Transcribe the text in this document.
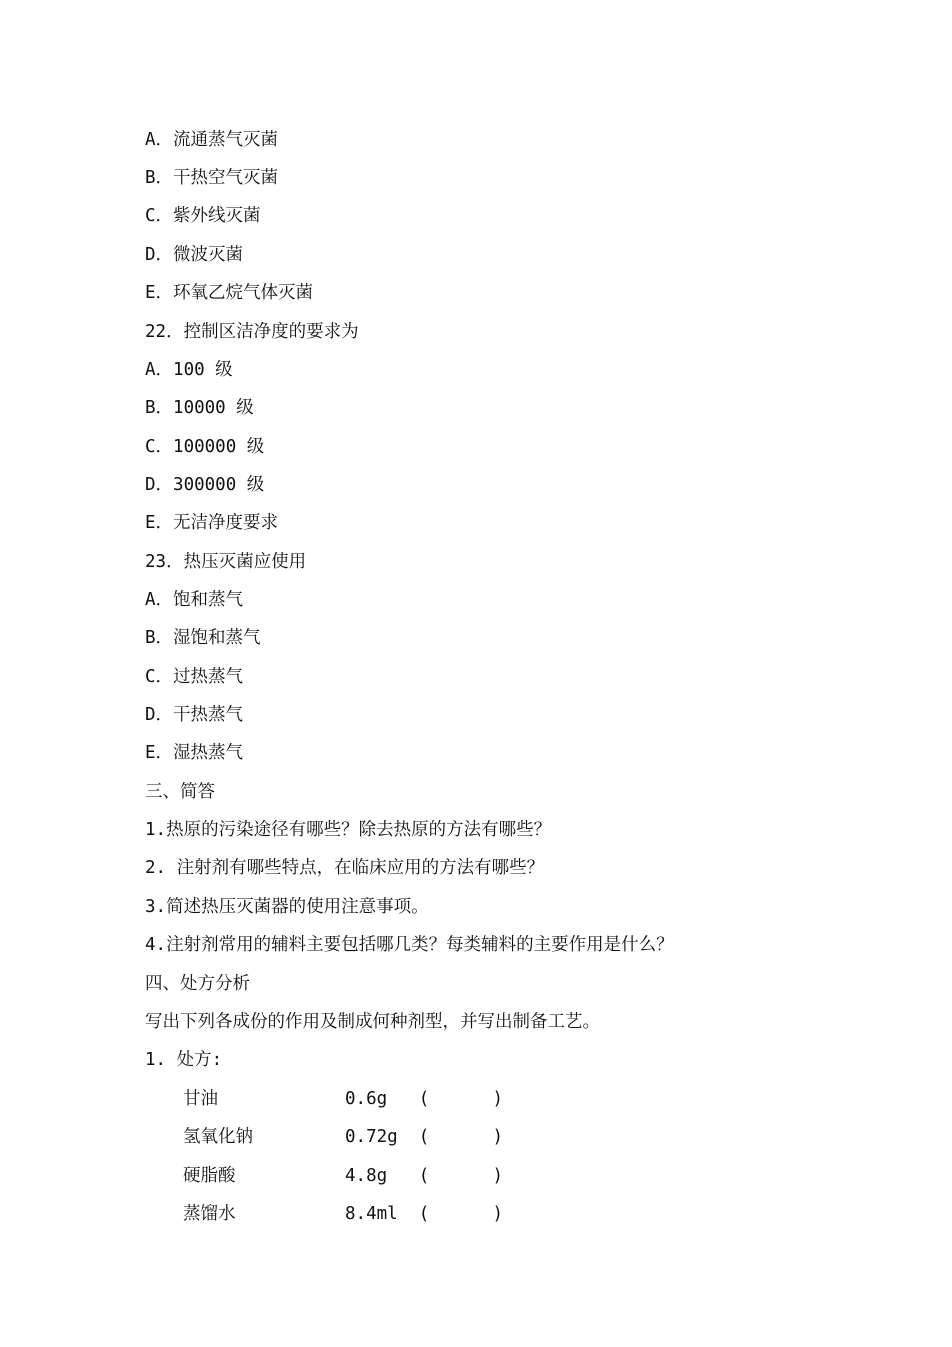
A．流通蒸气灭菌
B．干热空气灭菌
C．紫外线灭菌
D．微波灭菌
E．环氧乙烷气体灭菌
22．控制区洁净度的要求为
A．100 级
B．10000 级
C．100000 级
D．300000 级
E．无洁净度要求
23．热压灭菌应使用
A．饱和蒸气
B．湿饱和蒸气
C．过热蒸气
D．干热蒸气
E．湿热蒸气
三、简答
1.热原的污染途径有哪些？除去热原的方法有哪些？
2. 注射剂有哪些特点，在临床应用的方法有哪些？
3.简述热压灭菌器的使用注意事项。
4.注射剂常用的辅料主要包括哪几类？每类辅料的主要作用是什么？
四、处方分析
写出下列各成份的作用及制成何种剂型，并写出制备工艺。
1. 处方:
甘油	0.6g   (      )
氢氧化钠	0.72g  (      )
硬脂酸	4.8g   (      )
蒸馏水	8.4ml  (      )
